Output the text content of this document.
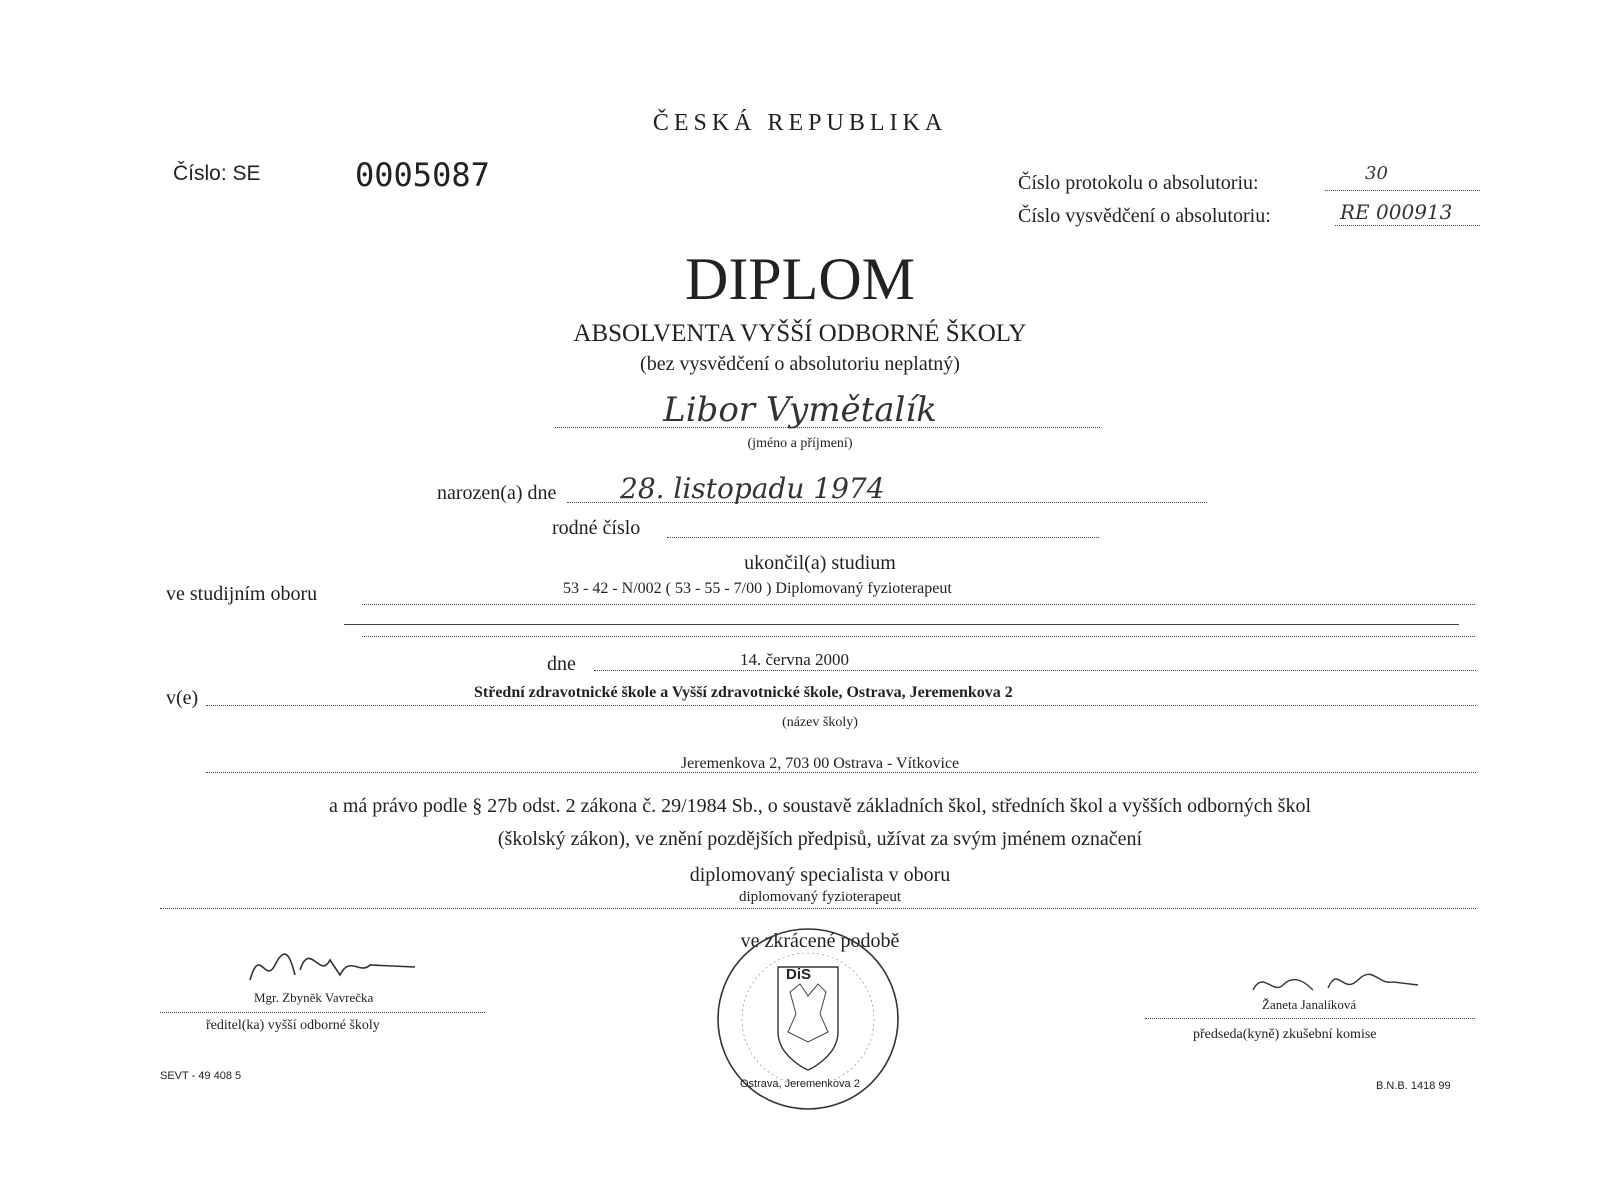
ČESKÁ REPUBLIKA
Číslo: SE	0005087	Číslo protokolu o absolutoriu:	30
Číslo vysvědčení o absolutoriu:	RE 000913
DIPLOM
ABSOLVENTA VYŠŠÍ ODBORNÉ ŠKOLY
(bez vysvědčení o absolutoriu neplatný)
Libor Vymětalík
(jméno a příjmení)
narozen(a) dne 28. listopadu 1974
rodné číslo
ukončil(a) studium
ve studijním oboru	53 - 42 - N/002 ( 53 - 55 - 7/00 ) Diplomovaný fyzioterapeut
dne	14. června 2000
v(e)	Střední zdravotnické škole a Vyšší zdravotnické škole, Ostrava, Jeremenkova 2
(název školy)
Jeremenkova 2, 703 00 Ostrava - Vítkovice
a má právo podle § 27b odst. 2 zákona č. 29/1984 Sb., o soustavě základních škol, středních škol a vyšších odborných škol
(školský zákon), ve znění pozdějších předpisů, užívat za svým jménem označení
diplomovaný specialista v oboru
diplomovaný fyzioterapeut
ve zkrácené podobě
Mgr. Zbyněk Vavrečka
ředitel(ka) vyšší odborné školy
DiS
Ostrava, Jeremenkova 2
Žaneta Janalíková
předseda(kyně) zkušební komise
SEVT - 49 408 5
B.N.B. 1418 99
